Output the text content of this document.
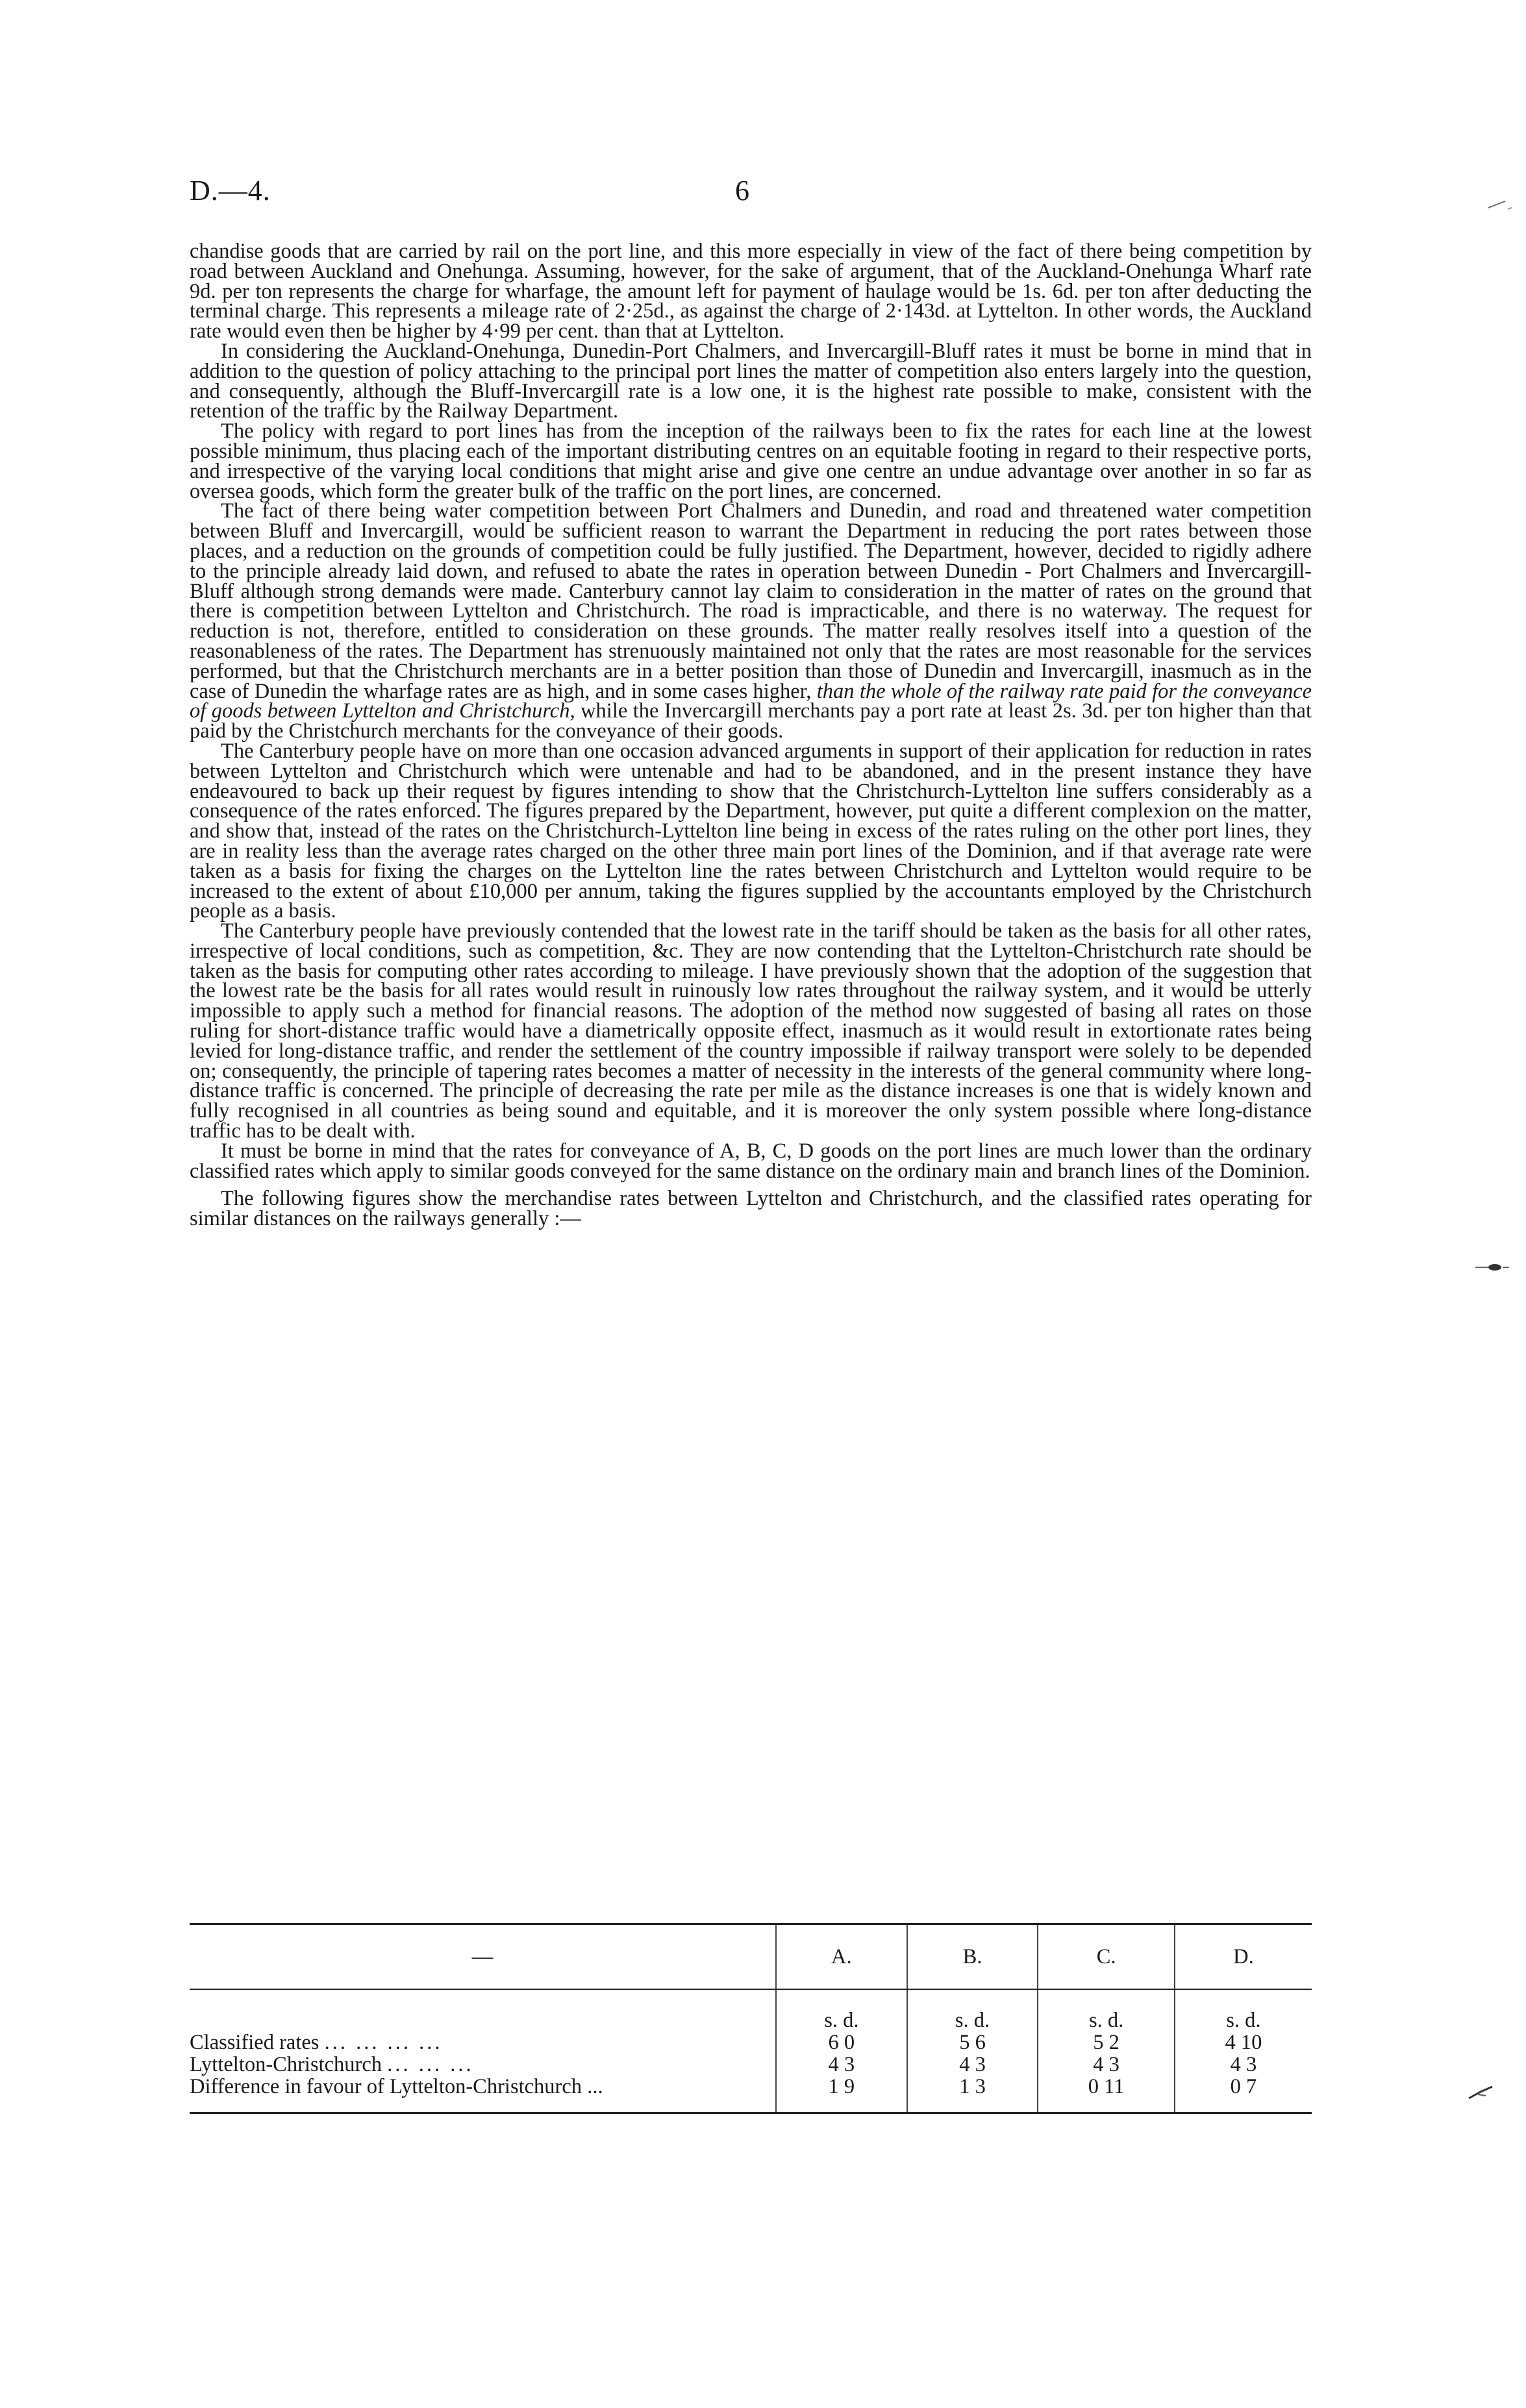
D.—4.	6

chandise goods that are carried by rail on the port line, and this more especially in view of the fact of there being competition by road between Auckland and Onehunga. Assuming, however, for the sake of argument, that of the Auckland-Onehunga Wharf rate 9d. per ton represents the charge for wharfage, the amount left for payment of haulage would be 1s. 6d. per ton after deducting the terminal charge. This represents a mileage rate of 2·25d., as against the charge of 2·143d. at Lyttelton. In other words, the Auckland rate would even then be higher by 4·99 per cent. than that at Lyttelton.

In considering the Auckland-Onehunga, Dunedin-Port Chalmers, and Invercargill-Bluff rates it must be borne in mind that in addition to the question of policy attaching to the principal port lines the matter of competition also enters largely into the question, and consequently, although the Bluff-Invercargill rate is a low one, it is the highest rate possible to make, consistent with the retention of the traffic by the Railway Department.

The policy with regard to port lines has from the inception of the railways been to fix the rates for each line at the lowest possible minimum, thus placing each of the important distributing centres on an equitable footing in regard to their respective ports, and irrespective of the varying local conditions that might arise and give one centre an undue advantage over another in so far as oversea goods, which form the greater bulk of the traffic on the port lines, are concerned.

The fact of there being water competition between Port Chalmers and Dunedin, and road and threatened water competition between Bluff and Invercargill, would be sufficient reason to warrant the Department in reducing the port rates between those places, and a reduction on the grounds of competition could be fully justified. The Department, however, decided to rigidly adhere to the principle already laid down, and refused to abate the rates in operation between Dunedin - Port Chalmers and Invercargill-Bluff although strong demands were made. Canterbury cannot lay claim to consideration in the matter of rates on the ground that there is competition between Lyttelton and Christchurch. The road is impracticable, and there is no waterway. The request for reduction is not, therefore, entitled to consideration on these grounds. The matter really resolves itself into a question of the reasonableness of the rates. The Department has strenuously maintained not only that the rates are most reasonable for the services performed, but that the Christchurch merchants are in a better position than those of Dunedin and Invercargill, inasmuch as in the case of Dunedin the wharfage rates are as high, and in some cases higher, than the whole of the railway rate paid for the conveyance of goods between Lyttelton and Christchurch, while the Invercargill merchants pay a port rate at least 2s. 3d. per ton higher than that paid by the Christchurch merchants for the conveyance of their goods.

The Canterbury people have on more than one occasion advanced arguments in support of their application for reduction in rates between Lyttelton and Christchurch which were untenable and had to be abandoned, and in the present instance they have endeavoured to back up their request by figures intending to show that the Christchurch-Lyttelton line suffers considerably as a consequence of the rates enforced. The figures prepared by the Department, however, put quite a different complexion on the matter, and show that, instead of the rates on the Christchurch-Lyttelton line being in excess of the rates ruling on the other port lines, they are in reality less than the average rates charged on the other three main port lines of the Dominion, and if that average rate were taken as a basis for fixing the charges on the Lyttelton line the rates between Christchurch and Lyttelton would require to be increased to the extent of about £10,000 per annum, taking the figures supplied by the accountants employed by the Christchurch people as a basis.

The Canterbury people have previously contended that the lowest rate in the tariff should be taken as the basis for all other rates, irrespective of local conditions, such as competition, &c. They are now contending that the Lyttelton-Christchurch rate should be taken as the basis for computing other rates according to mileage. I have previously shown that the adoption of the suggestion that the lowest rate be the basis for all rates would result in ruinously low rates throughout the railway system, and it would be utterly impossible to apply such a method for financial reasons. The adoption of the method now suggested of basing all rates on those ruling for short-distance traffic would have a diametrically opposite effect, inasmuch as it would result in extortionate rates being levied for long-distance traffic, and render the settlement of the country impossible if railway transport were solely to be depended on; consequently, the principle of tapering rates becomes a matter of necessity in the interests of the general community where long-distance traffic is concerned. The principle of decreasing the rate per mile as the distance increases is one that is widely known and fully recognised in all countries as being sound and equitable, and it is moreover the only system possible where long-distance traffic has to be dealt with.

It must be borne in mind that the rates for conveyance of A, B, C, D goods on the port lines are much lower than the ordinary classified rates which apply to similar goods conveyed for the same distance on the ordinary main and branch lines of the Dominion.

The following figures show the merchandise rates between Lyttelton and Christchurch, and the classified rates operating for similar distances on the railways generally :—

—	A.	B.	C.	D.
	s. d.	s. d.	s. d.	s. d.
Classified rates ... ... ... ...	6 0	5 6	5 2	4 10
Lyttelton-Christchurch ... ... ...	4 3	4 3	4 3	4 3
Difference in favour of Lyttelton-Christchurch ...	1 9	1 3	0 11	0 7
